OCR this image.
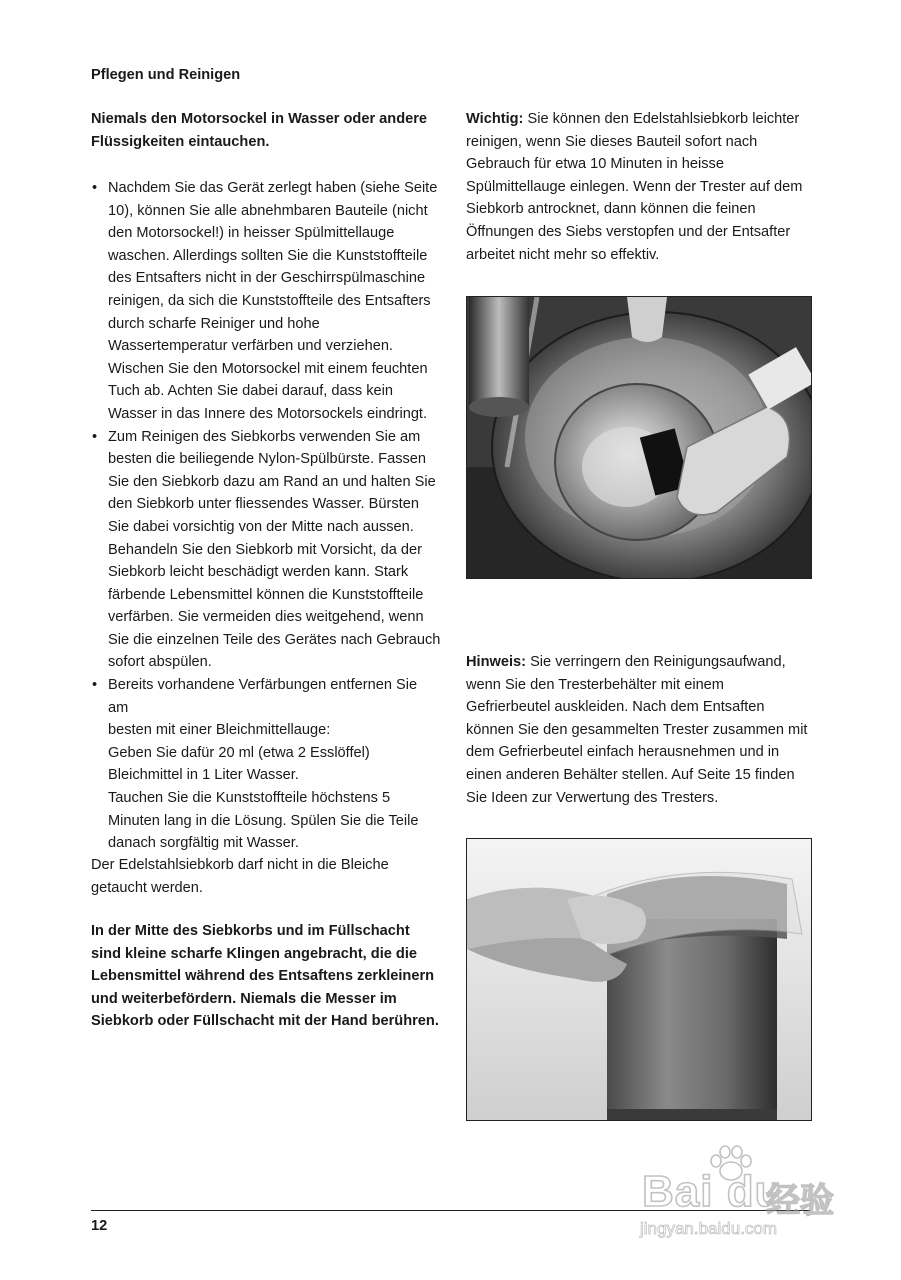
Pflegen und Reinigen
Niemals den Motorsockel in Wasser oder andere Flüssigkeiten eintauchen.
• Nachdem Sie das Gerät zerlegt haben (siehe Seite
10), können Sie alle abnehmbaren Bauteile (nicht
den Motorsockel!) in heisser Spülmittellauge
waschen. Allerdings sollten Sie die Kunststoffteile
des Entsafters nicht in der Geschirrspülmaschine
reinigen, da sich die Kunststoffteile des Entsafters
durch scharfe Reiniger und hohe
Wassertemperatur verfärben und verziehen.
Wischen Sie den Motorsockel mit einem feuchten
Tuch ab. Achten Sie dabei darauf, dass kein
Wasser in das Innere des Motorsockels eindringt.
• Zum Reinigen des Siebkorbs verwenden Sie am
besten die beiliegende Nylon-Spülbürste. Fassen
Sie den Siebkorb dazu am Rand an und halten Sie
den Siebkorb unter fliessendes Wasser. Bürsten
Sie dabei vorsichtig von der Mitte nach aussen.
Behandeln Sie den Siebkorb mit Vorsicht, da der
Siebkorb leicht beschädigt werden kann. Stark
färbende Lebensmittel können die Kunststoffteile
verfärben. Sie vermeiden dies weitgehend, wenn
Sie die einzelnen Teile des Gerätes nach Gebrauch
sofort abspülen.
• Bereits vorhandene Verfärbungen entfernen Sie am
besten mit einer Bleichmittellauge:
Geben Sie dafür 20 ml (etwa 2 Esslöffel)
Bleichmittel in 1 Liter Wasser.
Tauchen Sie die Kunststoffteile höchstens 5
Minuten lang in die Lösung. Spülen Sie die Teile
danach sorgfältig mit Wasser.
Der Edelstahlsiebkorb darf nicht in die Bleiche getaucht werden.
In der Mitte des Siebkorbs und im Füllschacht sind kleine scharfe Klingen angebracht, die die Lebensmittel während des Entsaftens zerkleinern und weiterbefördern. Niemals die Messer im Siebkorb oder Füllschacht mit der Hand berühren.
Wichtig: Sie können den Edelstahlsiebkorb leichter reinigen, wenn Sie dieses Bauteil sofort nach Gebrauch für etwa 10 Minuten in heisse Spülmittellauge einlegen. Wenn der Trester auf dem Siebkorb antrocknet, dann können die feinen Öffnungen des Siebs verstopfen und der Entsafter arbeitet nicht mehr so effektiv.
Hinweis: Sie verringern den Reinigungsaufwand, wenn Sie den Tresterbehälter mit einem Gefrierbeutel auskleiden. Nach dem Entsaften können Sie den gesammelten Trester zusammen mit dem Gefrierbeutel einfach herausnehmen und in einen anderen Behälter stellen. Auf Seite 15 finden Sie Ideen zur Verwertung des Tresters.
12
Bai du
经验
jingyan.baidu.com
